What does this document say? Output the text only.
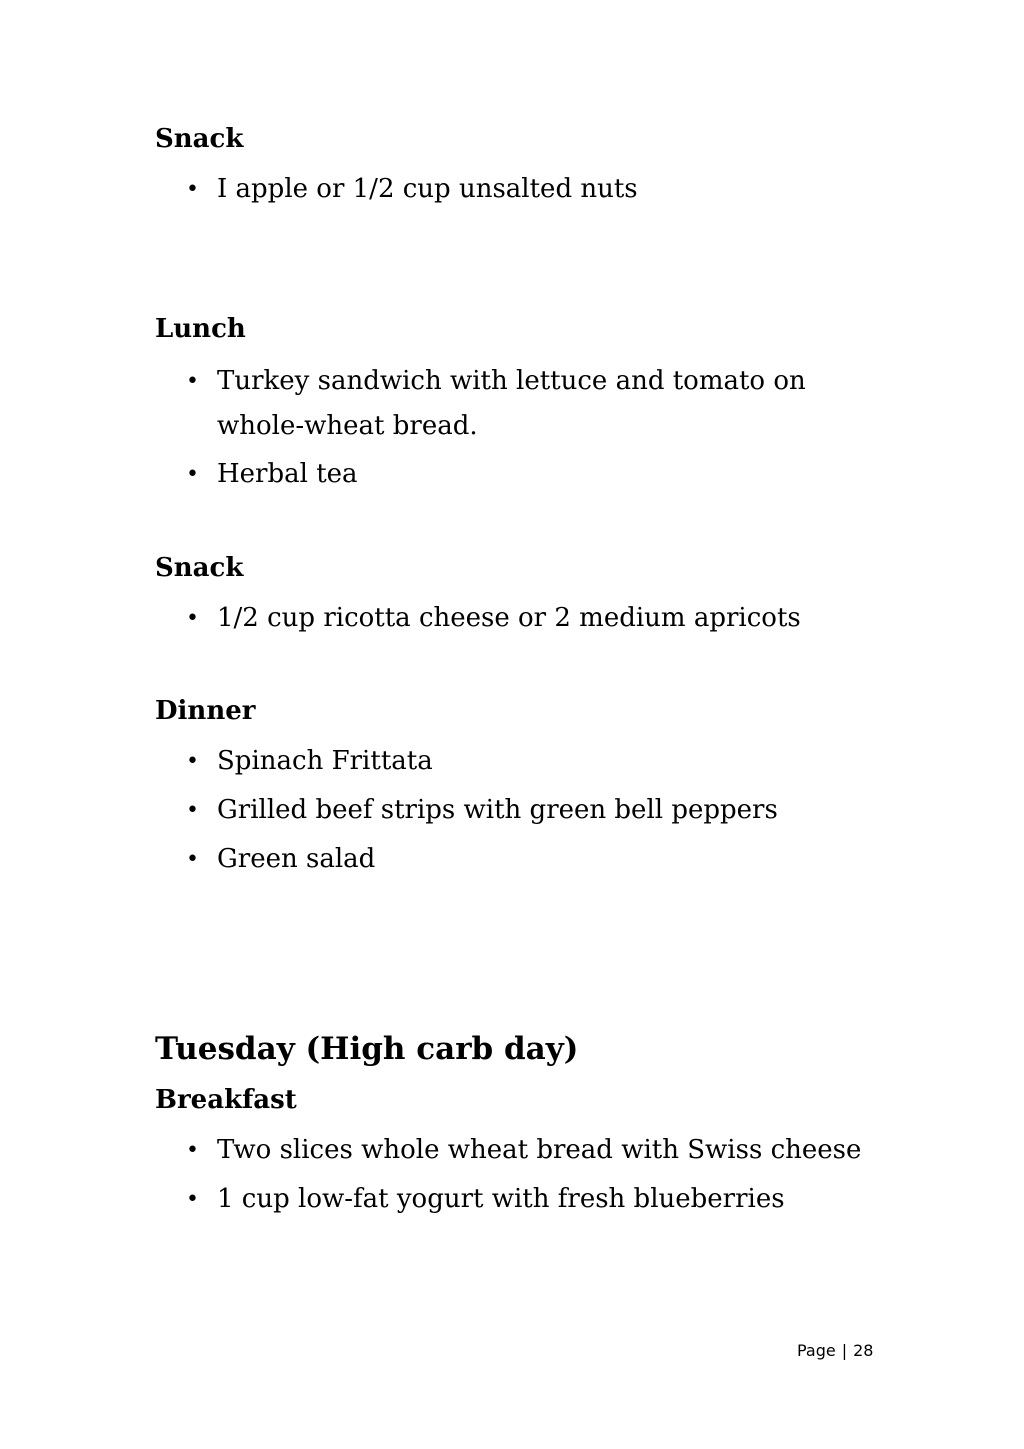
Snack

• I apple or 1/2 cup unsalted nuts

Lunch

• Turkey sandwich with lettuce and tomato on whole-wheat bread.

• Herbal tea

Snack

• 1/2 cup ricotta cheese or 2 medium apricots

Dinner

• Spinach Frittata

• Grilled beef strips with green bell peppers

• Green salad

Tuesday (High carb day)
Breakfast

• Two slices whole wheat bread with Swiss cheese

• 1 cup low-fat yogurt with fresh blueberries

Page | 28
